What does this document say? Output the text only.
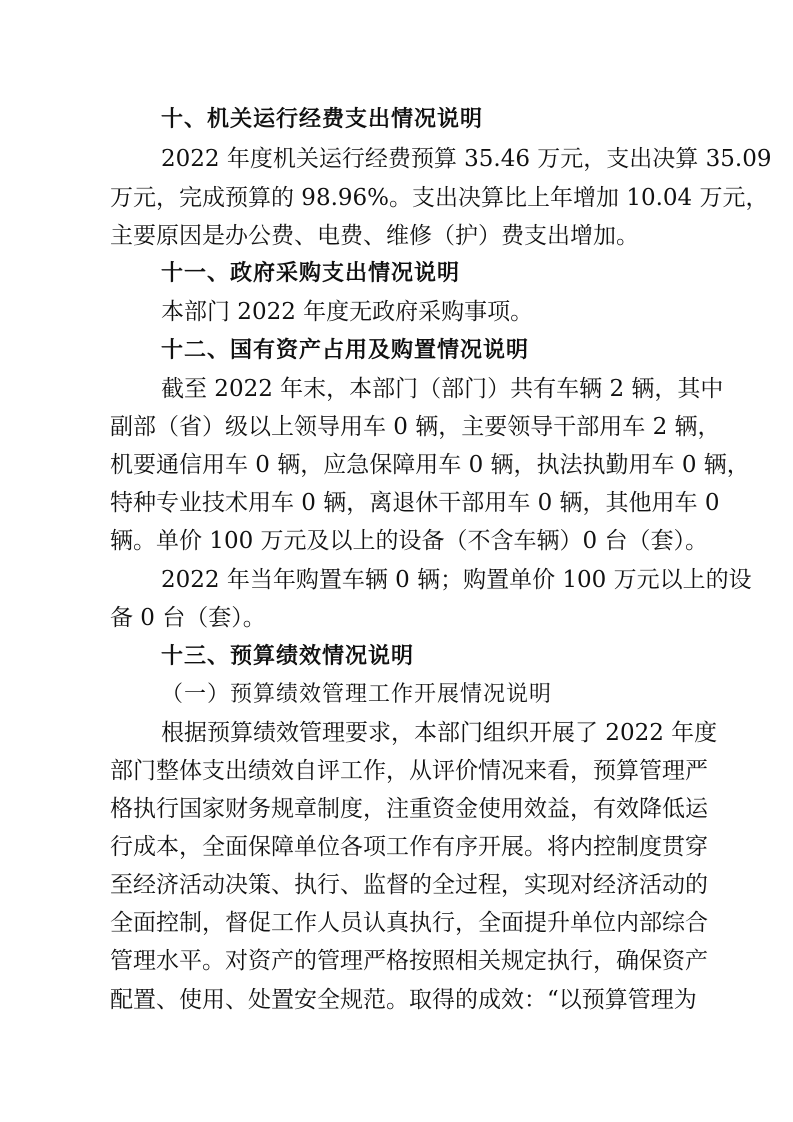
十、机关运行经费支出情况说明
2022 年度机关运行经费预算 35.46 万元，支出决算 35.09
万元，完成预算的 98.96%。支出决算比上年增加 10.04 万元，
主要原因是办公费、电费、维修（护）费支出增加。
十一、政府采购支出情况说明
本部门 2022 年度无政府采购事项。
十二、国有资产占用及购置情况说明
截至 2022 年末，本部门（部门）共有车辆 2 辆，其中
副部（省）级以上领导用车 0 辆，主要领导干部用车 2 辆，
机要通信用车 0 辆，应急保障用车 0 辆，执法执勤用车 0 辆，
特种专业技术用车 0 辆，离退休干部用车 0 辆，其他用车 0
辆。单价 100 万元及以上的设备（不含车辆）0 台（套）。
2022 年当年购置车辆 0 辆；购置单价 100 万元以上的设
备 0 台（套）。
十三、预算绩效情况说明
（一）预算绩效管理工作开展情况说明
根据预算绩效管理要求，本部门组织开展了 2022 年度
部门整体支出绩效自评工作，从评价情况来看，预算管理严
格执行国家财务规章制度，注重资金使用效益，有效降低运
行成本，全面保障单位各项工作有序开展。将内控制度贯穿
至经济活动决策、执行、监督的全过程，实现对经济活动的
全面控制，督促工作人员认真执行，全面提升单位内部综合
管理水平。对资产的管理严格按照相关规定执行，确保资产
配置、使用、处置安全规范。取得的成效：“以预算管理为
